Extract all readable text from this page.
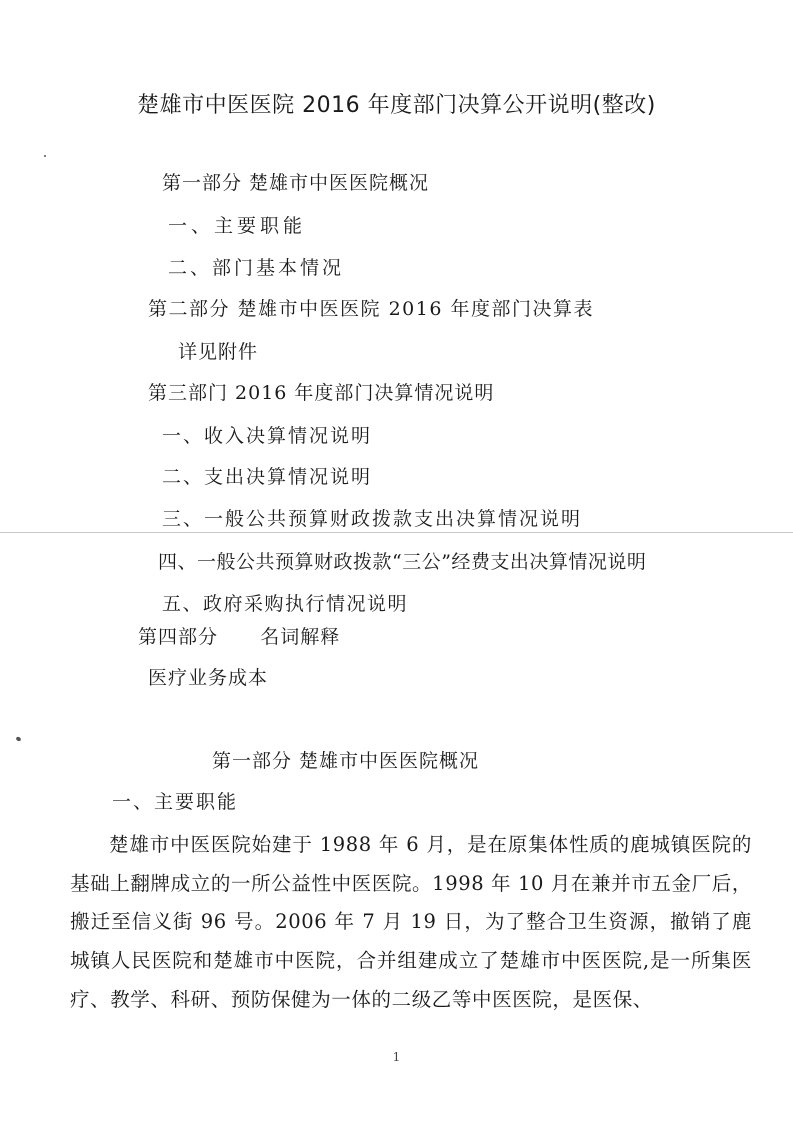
楚雄市中医医院 2016 年度部门决算公开说明(整改)
第一部分 楚雄市中医医院概况
一、主要职能
二、部门基本情况
第二部分 楚雄市中医医院 2016 年度部门决算表
详见附件
第三部门 2016 年度部门决算情况说明
一、收入决算情况说明
二、支出决算情况说明
三、一般公共预算财政拨款支出决算情况说明
四、一般公共预算财政拨款“三公”经费支出决算情况说明
五、政府采购执行情况说明
第四部分      名词解释
医疗业务成本
第一部分 楚雄市中医医院概况
一、主要职能

楚雄市中医医院始建于 1988 年 6 月，是在原集体性质的鹿城镇医院的基础上翻牌成立的一所公益性中医医院。1998 年 10 月在兼并市五金厂后，搬迁至信义街 96 号。2006 年 7 月 19 日，为了整合卫生资源，撤销了鹿城镇人民医院和楚雄市中医院，合并组建成立了楚雄市中医医院,是一所集医疗、教学、科研、预防保健为一体的二级乙等中医医院，是医保、

1
